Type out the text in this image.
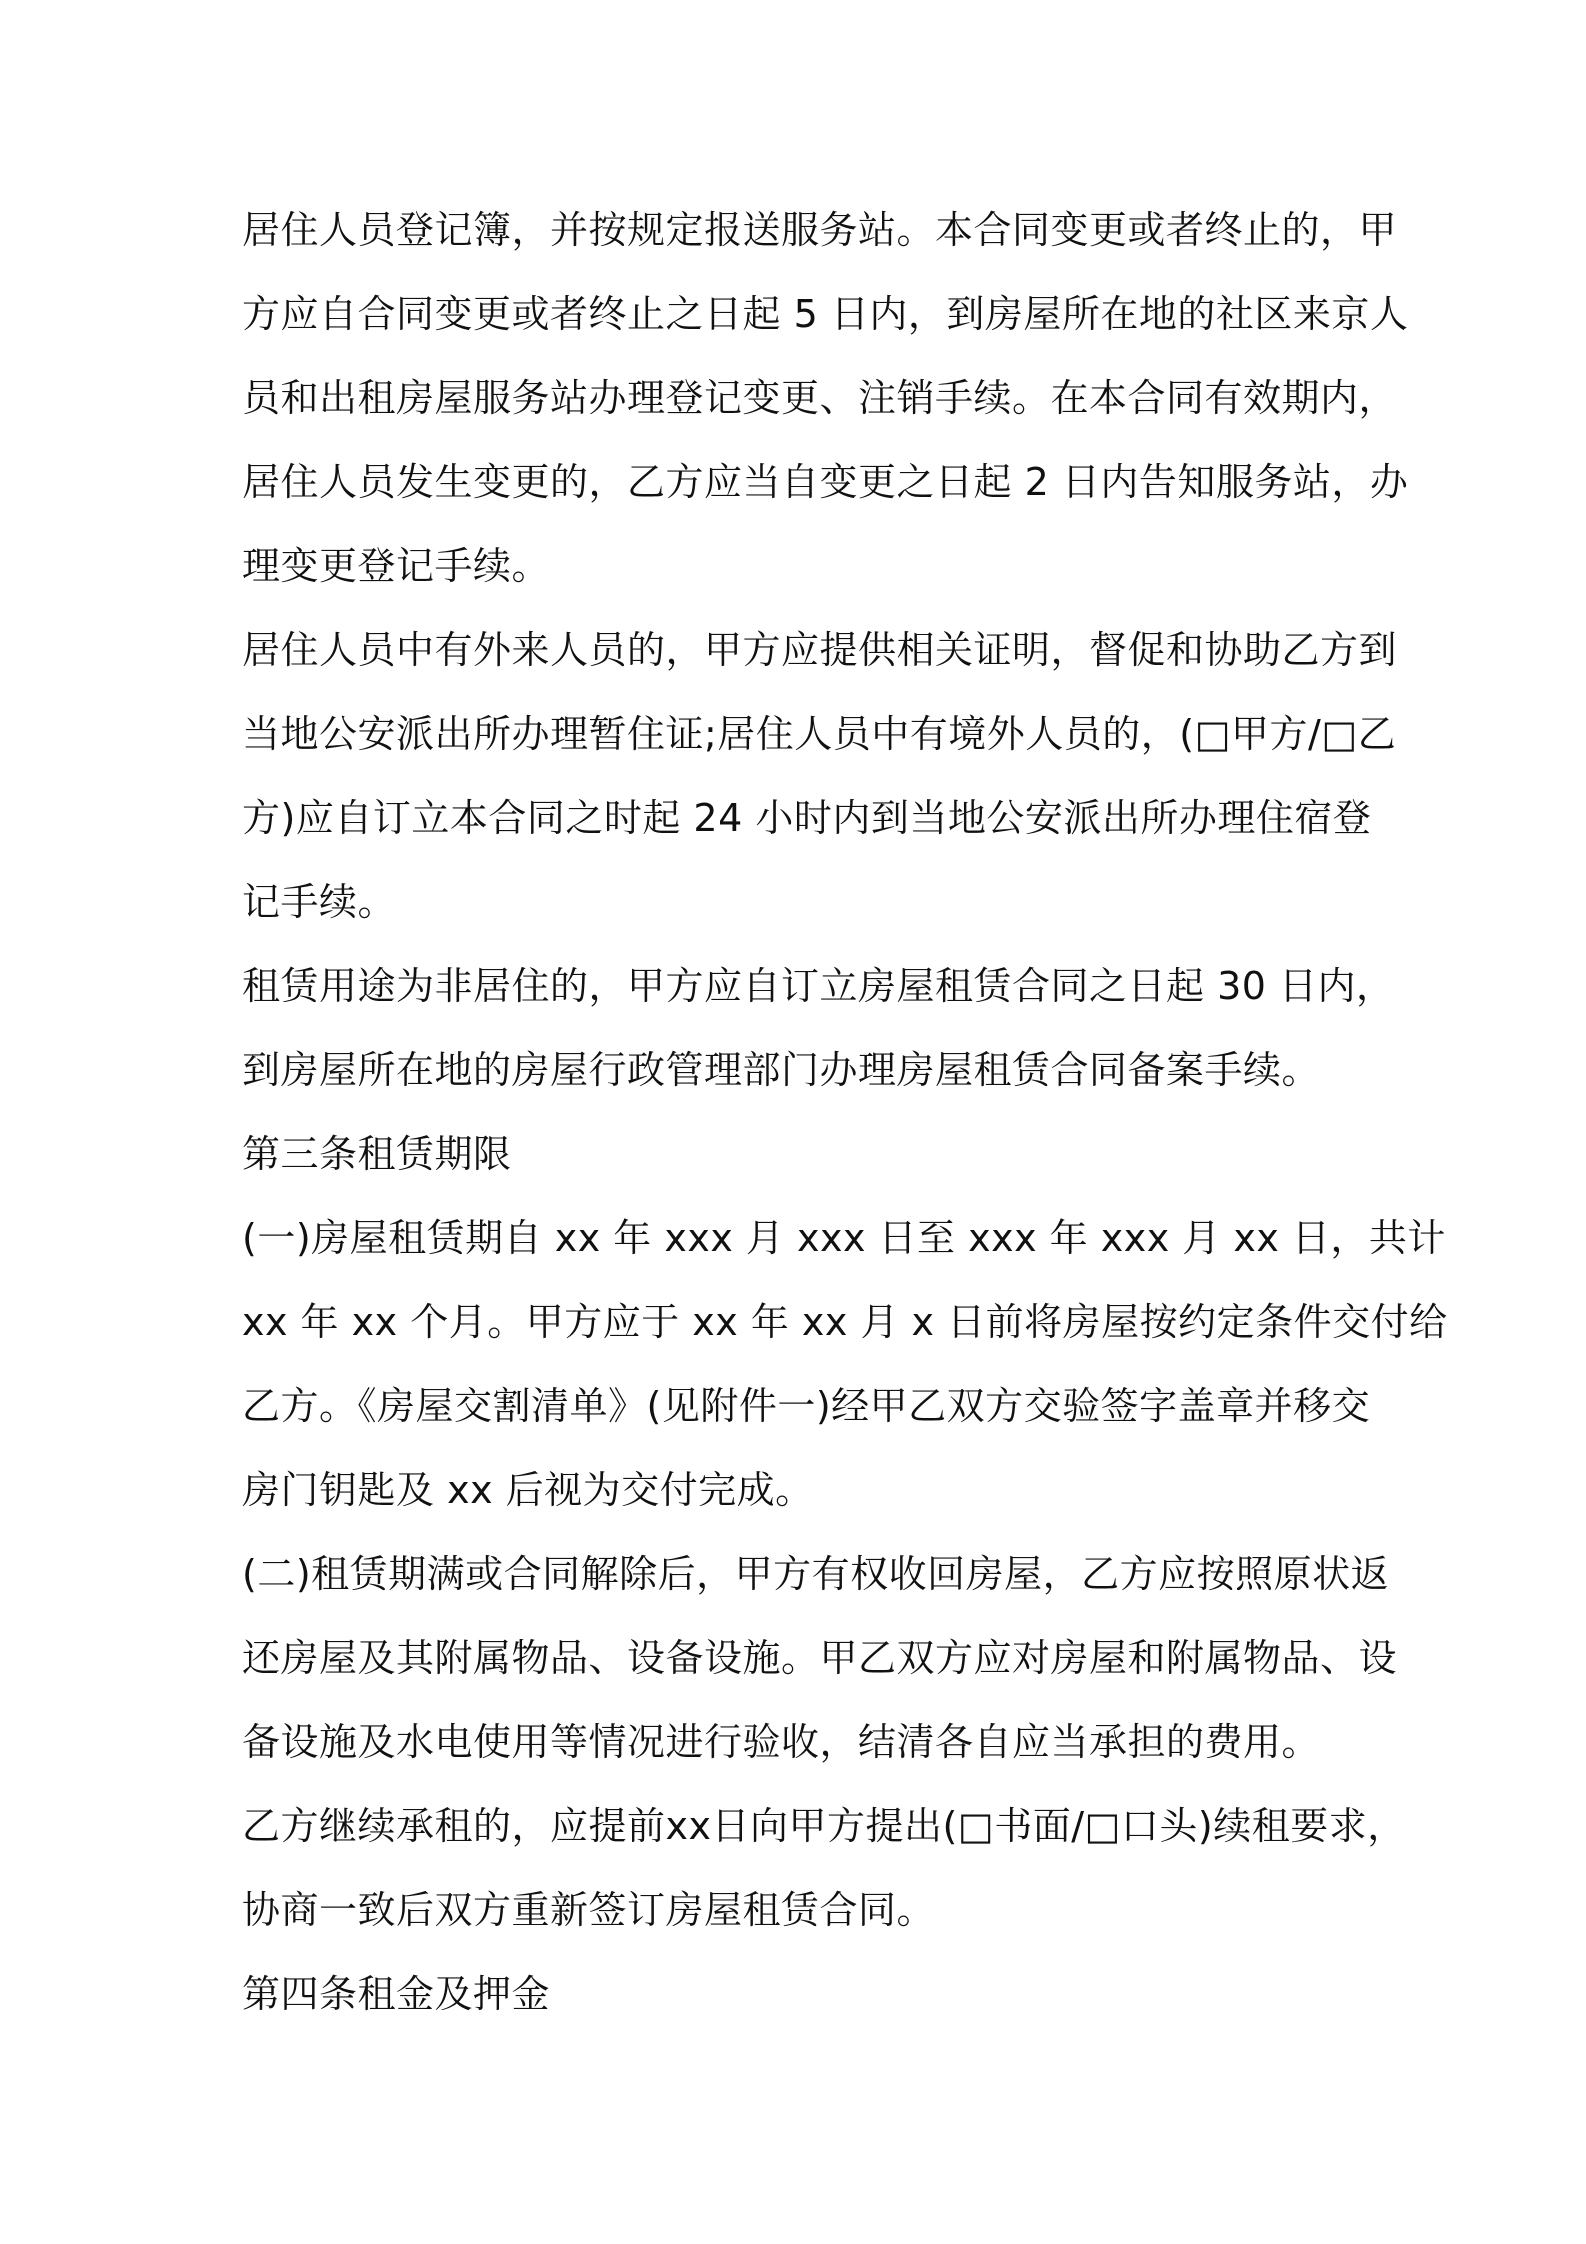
居住人员登记簿，并按规定报送服务站。本合同变更或者终止的，甲
方应自合同变更或者终止之日起 5 日内，到房屋所在地的社区来京人
员和出租房屋服务站办理登记变更、注销手续。在本合同有效期内，
居住人员发生变更的，乙方应当自变更之日起 2 日内告知服务站，办
理变更登记手续。
居住人员中有外来人员的，甲方应提供相关证明，督促和协助乙方到
当地公安派出所办理暂住证;居住人员中有境外人员的，(□甲方/□乙
方)应自订立本合同之时起 24 小时内到当地公安派出所办理住宿登
记手续。
租赁用途为非居住的，甲方应自订立房屋租赁合同之日起 30 日内，
到房屋所在地的房屋行政管理部门办理房屋租赁合同备案手续。
第三条租赁期限
(一)房屋租赁期自 xx 年 xxx 月 xxx 日至 xxx 年 xxx 月 xx 日，共计
xx 年 xx 个月。甲方应于 xx 年 xx 月 x 日前将房屋按约定条件交付给
乙方。《房屋交割清单》(见附件一)经甲乙双方交验签字盖章并移交
房门钥匙及 xx 后视为交付完成。
(二)租赁期满或合同解除后，甲方有权收回房屋，乙方应按照原状返
还房屋及其附属物品、设备设施。甲乙双方应对房屋和附属物品、设
备设施及水电使用等情况进行验收，结清各自应当承担的费用。
乙方继续承租的，应提前xx日向甲方提出(□书面/□口头)续租要求，
协商一致后双方重新签订房屋租赁合同。
第四条租金及押金
